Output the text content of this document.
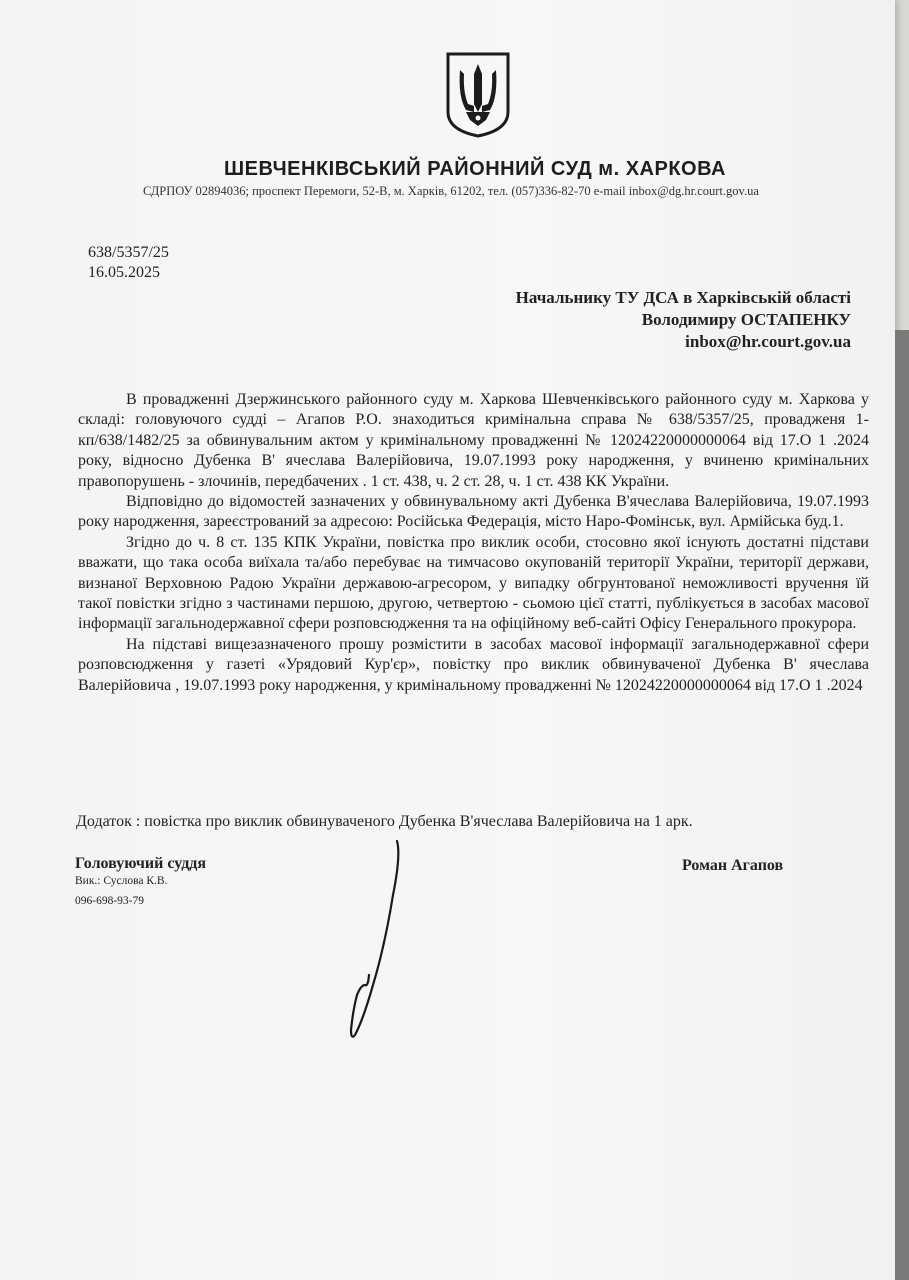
ШЕВЧЕНКІВСЬКИЙ РАЙОННИЙ СУД м. ХАРКОВА
СДРПОУ 02894036; проспект Перемоги, 52-В, м. Харків, 61202, тел. (057)336-82-70 e-mail inbox@dg.hr.court.gov.ua
638/5357/25
16.05.2025
Начальнику ТУ ДСА в Харківській області
Володимиру ОСТАПЕНКУ
inbox@hr.court.gov.ua

В провадженні Дзержинського районного суду м. Харкова Шевченківського районного суду м. Харкова у складі: головуючого судді – Агапов Р.О. знаходиться кримінальна справа № 638/5357/25, провадженя 1-кп/638/1482/25 за обвинувальним актом у кримінальному провадженні № 12024220000000064 від 17.О 1 .2024 року, відносно Дубенка В' ячеслава Валерійовича, 19.07.1993 року народження, у вчиненю кримінальних правопорушень - злочинів, передбачених . 1 ст. 438, ч. 2 ст. 28, ч. 1 ст. 438 КК України.

Відповідно до відомостей зазначених у обвинувальному акті Дубенка В'ячеслава Валерійовича, 19.07.1993 року народження, зареєстрований за адресою: Російська Федерація, місто Наро-Фомінськ, вул. Армійська буд.1.

Згідно до ч. 8 ст. 135 КПК України, повістка про виклик особи, стосовно якої існують достатні підстави вважати, що така особа виїхала та/або перебуває на тимчасово окупованій території України, території держави, визнаної Верховною Радою України державою-агресором, у випадку обгрунтованої неможливості вручення їй такої повістки згідно з частинами першою, другою, четвертою - сьомою цієї статті, публікується в засобах масової інформації загальнодержавної сфери розповсюдження та на офіційному веб-сайті Офісу Генерального прокурора.

На підставі вищезазначеного прошу розмістити в засобах масової інформації загальнодержавної сфери розповсюдження у газеті «Урядовий Кур'єр», повістку про виклик обвинуваченої Дубенка В' ячеслава Валерійовича , 19.07.1993 року народження, у кримінальному провадженні № 12024220000000064 від 17.О 1 .2024

Додаток : повістка про виклик обвинуваченого Дубенка В'ячеслава Валерійовича на 1 арк.
Головуючий суддя
Вик.: Суслова К.В.
096-698-93-79
Роман Агапов
